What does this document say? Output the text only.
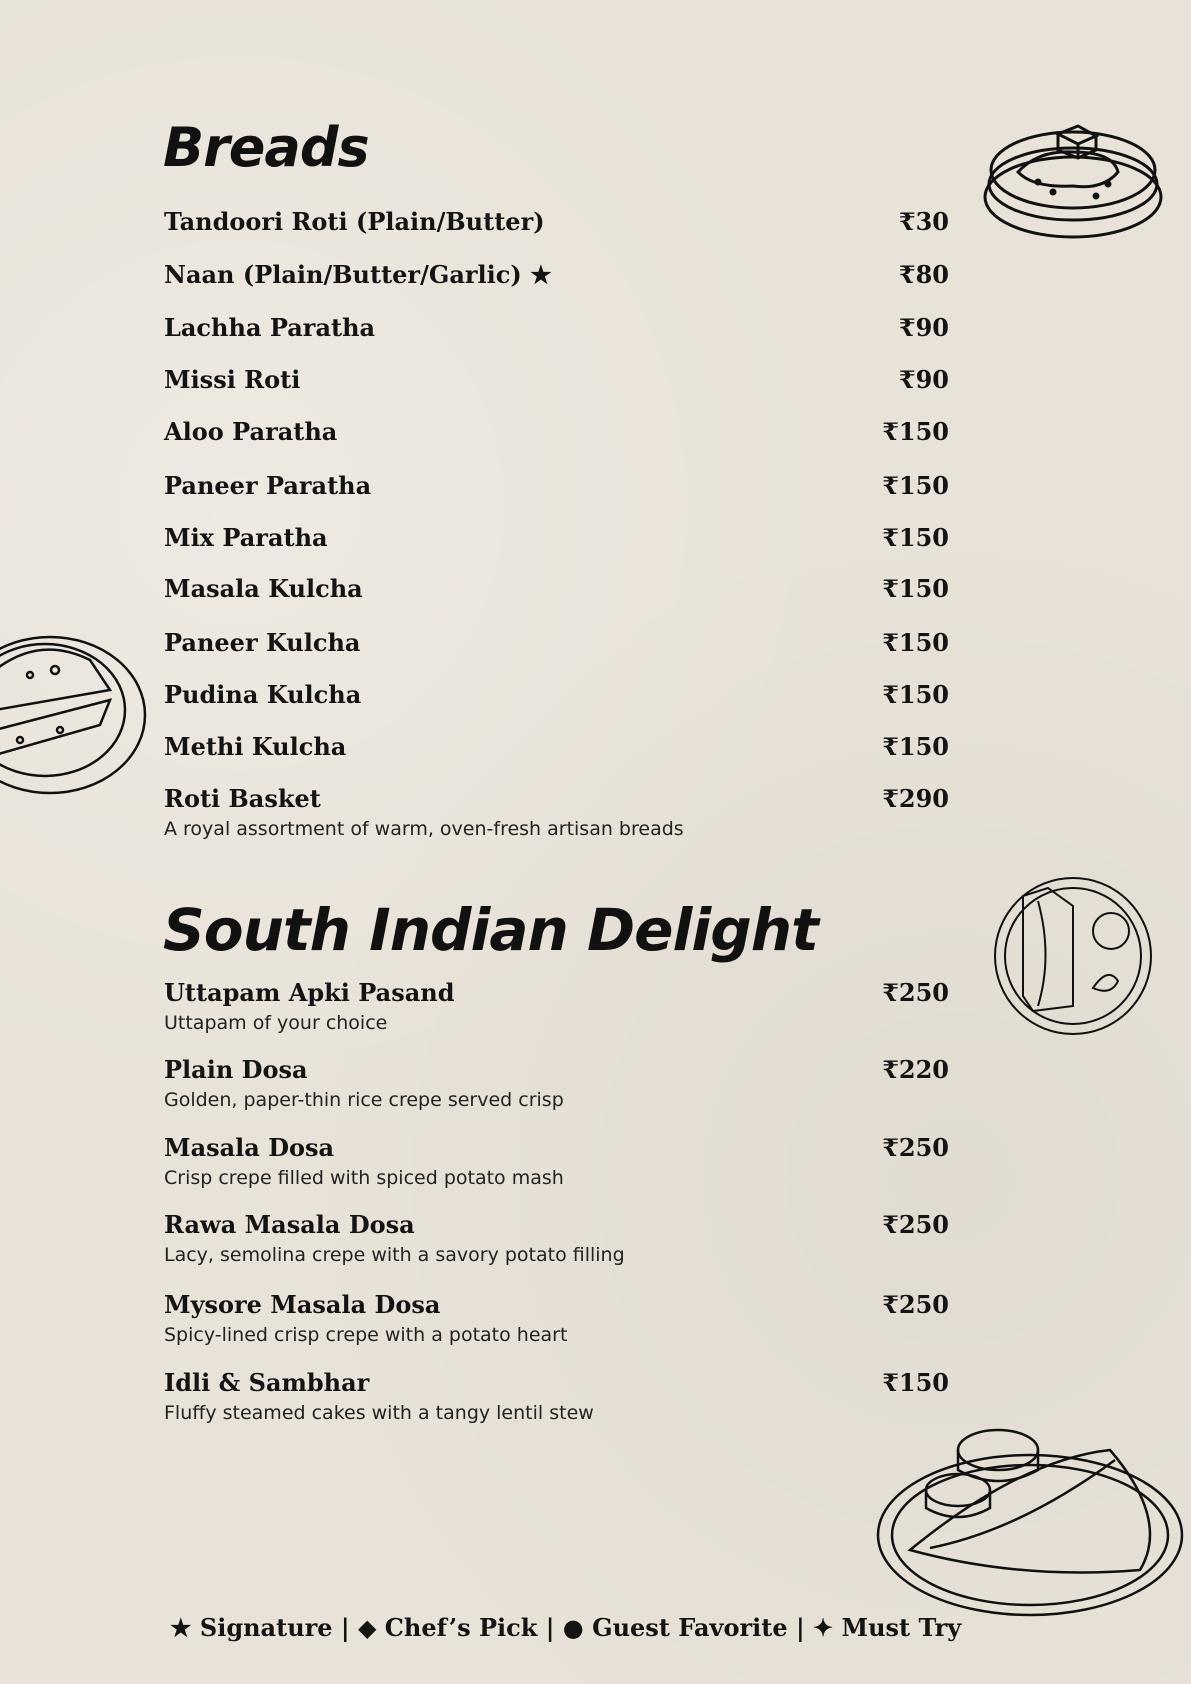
Breads
Tandoori Roti (Plain/Butter)	₹30
Naan (Plain/Butter/Garlic) ★	₹80
Lachha Paratha	₹90
Missi Roti	₹90
Aloo Paratha	₹150
Paneer Paratha	₹150
Mix Paratha	₹150
Masala Kulcha	₹150
Paneer Kulcha	₹150
Pudina Kulcha	₹150
Methi Kulcha	₹150
Roti Basket	₹290
A royal assortment of warm, oven-fresh artisan breads
South Indian Delight
Uttapam Apki Pasand	₹250
Uttapam of your choice
Plain Dosa	₹220
Golden, paper-thin rice crepe served crisp
Masala Dosa	₹250
Crisp crepe filled with spiced potato mash
Rawa Masala Dosa	₹250
Lacy, semolina crepe with a savory potato filling
Mysore Masala Dosa	₹250
Spicy-lined crisp crepe with a potato heart
Idli & Sambhar	₹150
Fluffy steamed cakes with a tangy lentil stew
★ Signature | ◆ Chef’s Pick | ● Guest Favorite | ✦ Must Try
